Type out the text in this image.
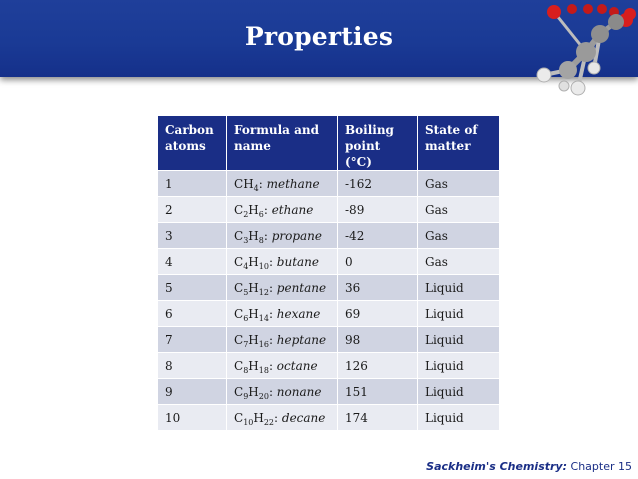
Properties
Carbon atoms	Formula and name	Boiling point (°C)	State of matter
1	$CH_4$: methane	-162	Gas
2	$C_2H_6$: ethane	-89	Gas
3	$C_3H_8$: propane	-42	Gas
4	$C_4H_{10}$: butane	0	Gas
5	$C_5H_{12}$: pentane	36	Liquid
6	$C_6H_{14}$: hexane	69	Liquid
7	$C_7H_{16}$: heptane	98	Liquid
8	$C_8H_{18}$: octane	126	Liquid
9	$C_9H_{20}$: nonane	151	Liquid
10	$C_{10}H_{22}$: decane	174	Liquid
Sackheim's Chemistry: Chapter 15
